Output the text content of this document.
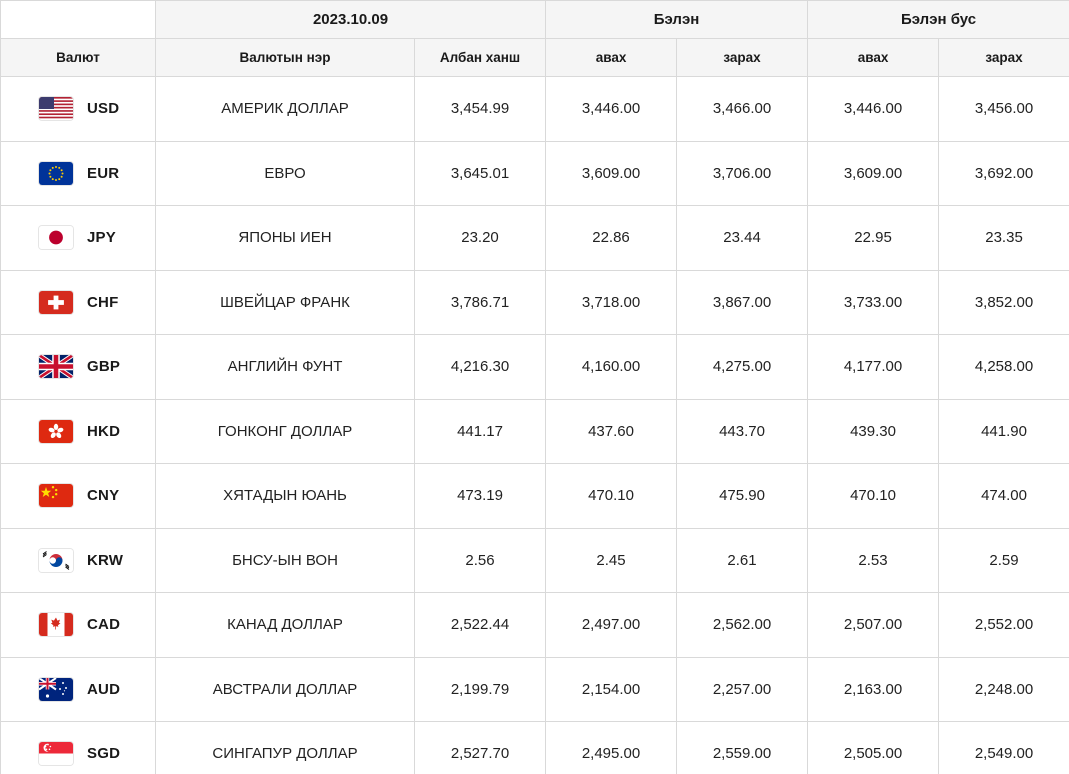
	2023.10.09		Бэлэн		Бэлэн бус	
Валют	Валютын нэр	Албан ханш	авах	зарах	авах	зарах

USD	АМЕРИК ДОЛЛАР	3,454.99	3,446.00	3,466.00	3,446.00	3,456.00

EUR	ЕВРО	3,645.01	3,609.00	3,706.00	3,609.00	3,692.00

JPY	ЯПОНЫ ИЕН	23.20	22.86	23.44	22.95	23.35

CHF	ШВЕЙЦАР ФРАНК	3,786.71	3,718.00	3,867.00	3,733.00	3,852.00

GBP	АНГЛИЙН ФУНТ	4,216.30	4,160.00	4,275.00	4,177.00	4,258.00

HKD	ГОНКОНГ ДОЛЛАР	441.17	437.60	443.70	439.30	441.90

CNY	ХЯТАДЫН ЮАНЬ	473.19	470.10	475.90	470.10	474.00

KRW	БНСУ-ЫН ВОН	2.56	2.45	2.61	2.53	2.59

CAD	КАНАД ДОЛЛАР	2,522.44	2,497.00	2,562.00	2,507.00	2,552.00

AUD	АВСТРАЛИ ДОЛЛАР	2,199.79	2,154.00	2,257.00	2,163.00	2,248.00

SGD	СИНГАПУР ДОЛЛАР	2,527.70	2,495.00	2,559.00	2,505.00	2,549.00
